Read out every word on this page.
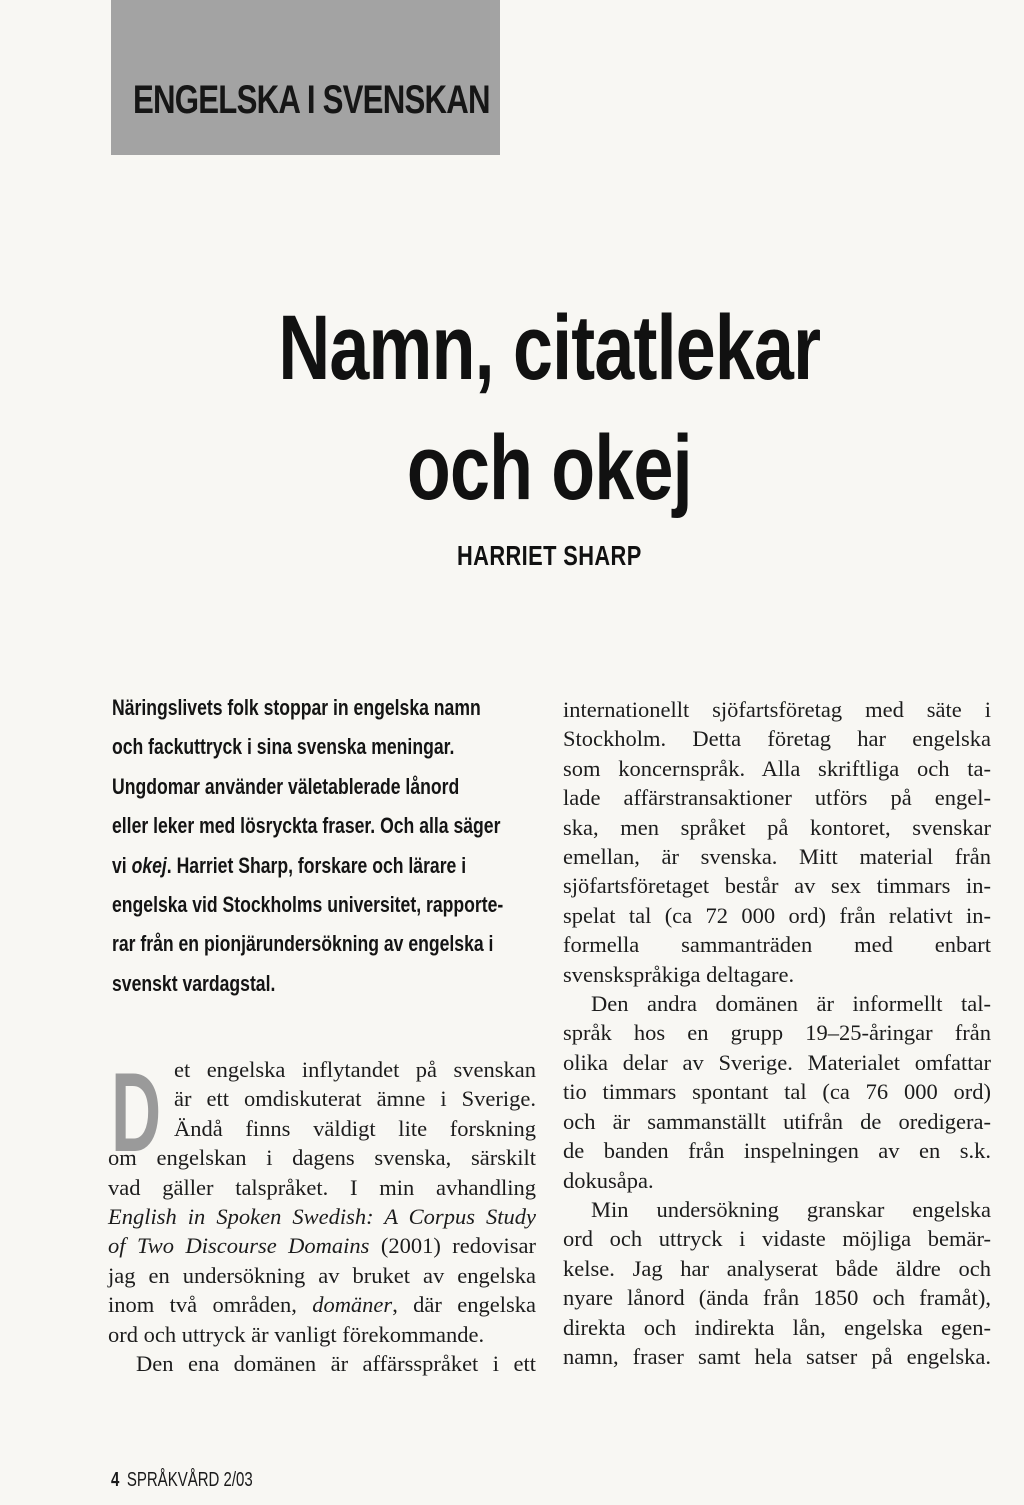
ENGELSKA I SVENSKAN
Namn, citatlekar
och okej
HARRIET SHARP
Näringslivets folk stoppar in engelska namn
och fackuttryck i sina svenska meningar.
Ungdomar använder väletablerade lånord
eller leker med lösryckta fraser. Och alla säger
vi okej. Harriet Sharp, forskare och lärare i
engelska vid Stockholms universitet, rapporte-
rar från en pionjärundersökning av engelska i
svenskt vardagstal.
D et engelska inflytandet på svenskan
är ett omdiskuterat ämne i Sverige.
Ändå finns väldigt lite forskning
om engelskan i dagens svenska, särskilt
vad gäller talspråket. I min avhandling
English in Spoken Swedish: A Corpus Study
of Two Discourse Domains (2001) redovisar
jag en undersökning av bruket av engelska
inom två områden, domäner, där engelska
ord och uttryck är vanligt förekommande.
Den ena domänen är affärsspråket i ett
internationellt sjöfartsföretag med säte i
Stockholm. Detta företag har engelska
som koncernspråk. Alla skriftliga och ta-
lade affärstransaktioner utförs på engel-
ska, men språket på kontoret, svenskar
emellan, är svenska. Mitt material från
sjöfartsföretaget består av sex timmars in-
spelat tal (ca 72 000 ord) från relativt in-
formella sammanträden med enbart
svenskspråkiga deltagare.
Den andra domänen är informellt tal-
språk hos en grupp 19–25-åringar från
olika delar av Sverige. Materialet omfattar
tio timmars spontant tal (ca 76 000 ord)
och är sammanställt utifrån de oredigera-
de banden från inspelningen av en s.k.
dokusåpa.
Min undersökning granskar engelska
ord och uttryck i vidaste möjliga bemär-
kelse. Jag har analyserat både äldre och
nyare lånord (ända från 1850 och framåt),
direkta och indirekta lån, engelska egen-
namn, fraser samt hela satser på engelska.
4 SPRÅKVÅRD 2/03
